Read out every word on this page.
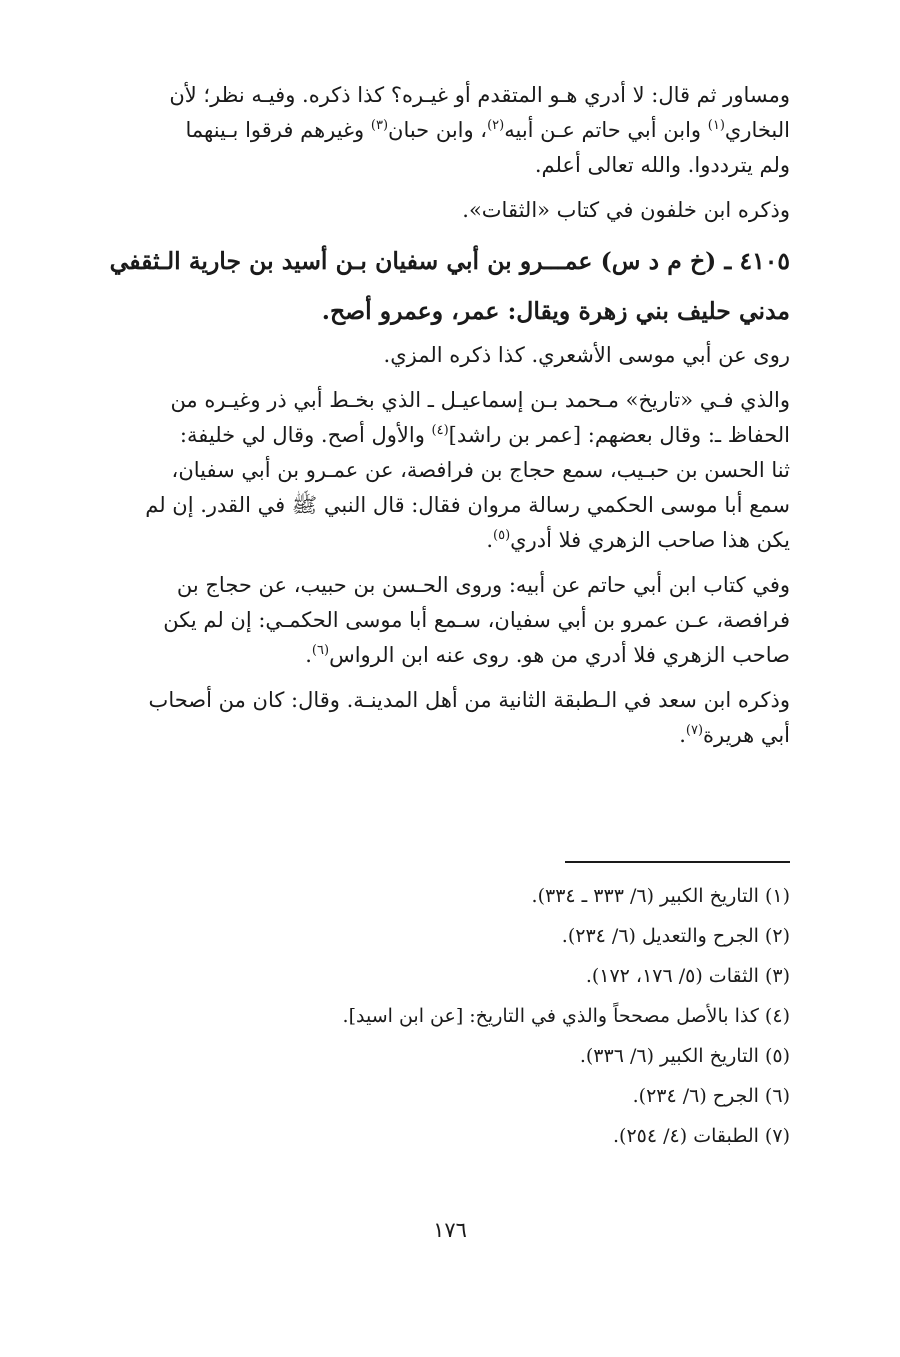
ومساور ثم قال: لا أدري هـو المتقدم أو غيـره؟ كذا ذكره. وفيـه نظر؛ لأن
البخاري$^{(١)}$ وابن أبي حاتم عـن أبيه$^{(٢)}$، وابن حبان$^{(٣)}$ وغيرهم فرقوا بـينهما
ولم يترددوا. والله تعالى أعلم.
وذكره ابن خلفون في كتاب «الثقات».
٤١٠٥ ـ (خ م د س) عمـــرو بن أبي سفيان بـن أسيد بن جارية الـثقفي
مدني حليف بني زهرة ويقال: عمر، وعمرو أصح.
روى عن أبي موسى الأشعري. كذا ذكره المزي.
والذي فـي «تاريخ» مـحمد بـن إسماعيـل ـ الذي بخـط أبي ذر وغيـره من
الحفاظ ـ: وقال بعضهم: [عمر بن راشد]$^{(٤)}$ والأول أصح. وقال لي خليفة:
ثنا الحسن بن حبـيب، سمع حجاج بن فرافصة، عن عمـرو بن أبي سفيان،
سمع أبا موسى الحكمي رسالة مروان فقال: قال النبي ﷺ في القدر. إن لم
يكن هذا صاحب الزهري فلا أدري$^{(٥)}$.
وفي كتاب ابن أبي حاتم عن أبيه: وروى الحـسن بن حبيب، عن حجاج بن
فرافصة، عـن عمرو بن أبي سفيان، سـمع أبا موسى الحكمـي: إن لم يكن
صاحب الزهري فلا أدري من هو. روى عنه ابن الرواس$^{(٦)}$.
وذكره ابن سعد في الـطبقة الثانية من أهل المدينـة. وقال: كان من أصحاب
أبي هريرة$^{(٧)}$.
(١) التاريخ الكبير (٦/ ٣٣٣ ـ ٣٣٤).
(٢) الجرح والتعديل (٦/ ٢٣٤).
(٣) الثقات (٥/ ١٧٦، ١٧٢).
(٤) كذا بالأصل مصححاً والذي في التاريخ: [عن ابن اسيد].
(٥) التاريخ الكبير (٦/ ٣٣٦).
(٦) الجرح (٦/ ٢٣٤).
(٧) الطبقات (٤/ ٢٥٤).
١٧٦
